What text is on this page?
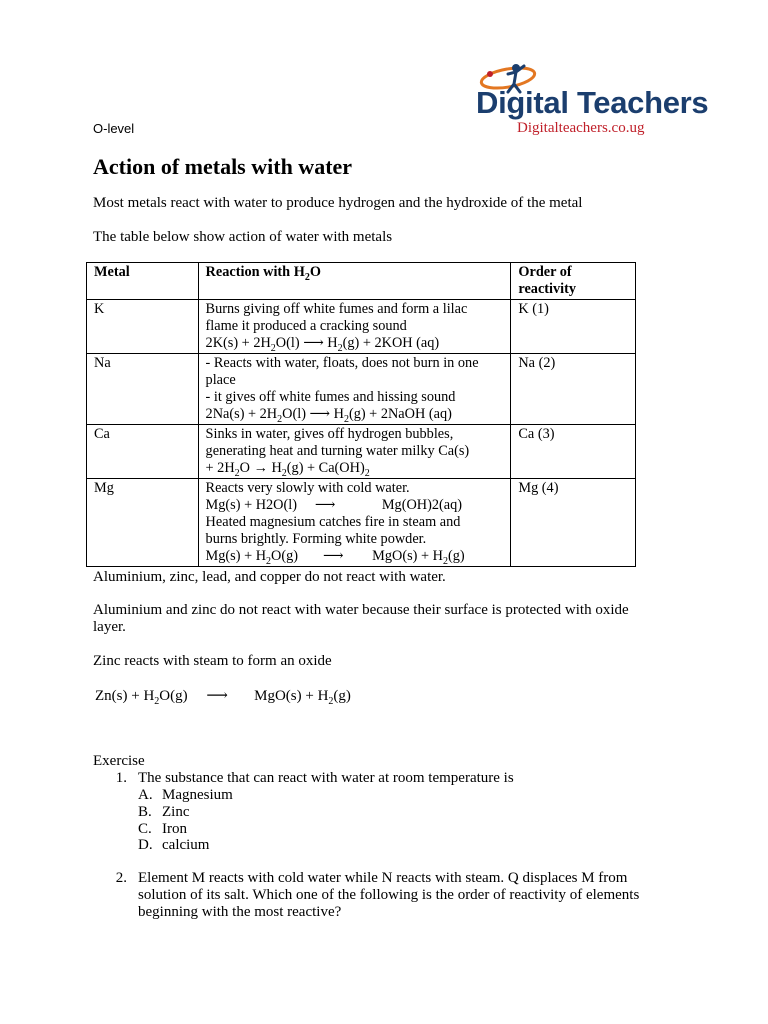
Digital Teachers
Digitalteachers.co.ug
O-level
Action of metals with water
Most metals react with water to produce hydrogen and the hydroxide of the metal
The table below show action of water with metals
Metal	Reaction with $H_2O$	Order of
reactivity

K	Burns giving off white fumes and form a lilac
flame it produced a cracking sound
$2K(s) + 2H_2O(l)$ ⟶ $H_2(g) + 2KOH$ (aq)	K (1)
Na	- Reacts with water, floats, does not burn in one
place
- it gives off white fumes and hissing sound
$2Na(s) + 2H_2O(l)$ ⟶ $H_2(g)$ + 2NaOH (aq)	Na (2)
Ca	Sinks in water, gives off hydrogen bubbles,
generating heat and turning water milky Ca(s)
+ $2H_2O \to H_2(g) + Ca(OH)_2$	Ca (3)
Mg	Reacts very slowly with cold water.
Mg(s) + H2O(l)     ⟶             Mg(OH)2(aq)
Heated magnesium catches fire in steam and
burns brightly. Forming white powder.
$Mg(s) + H_2O(g)$       ⟶        $MgO(s) + H_2(g)$	Mg (4)
Aluminium, zinc, lead, and copper do not react with water.
Aluminium and zinc do not react with water because their surface is protected with oxide layer.
Zinc reacts with steam to form an oxide
$Zn(s) + H_2O(g)$     ⟶       $MgO(s) + H_2(g)$
Exercise
1. The substance that can react with water at room temperature is
A. Magnesium
B. Zinc
C. Iron
D. calcium
2. Element M reacts with cold water while N reacts with steam. Q displaces M from
solution of its salt. Which one of the following is the order of reactivity of elements
beginning with the most reactive?
